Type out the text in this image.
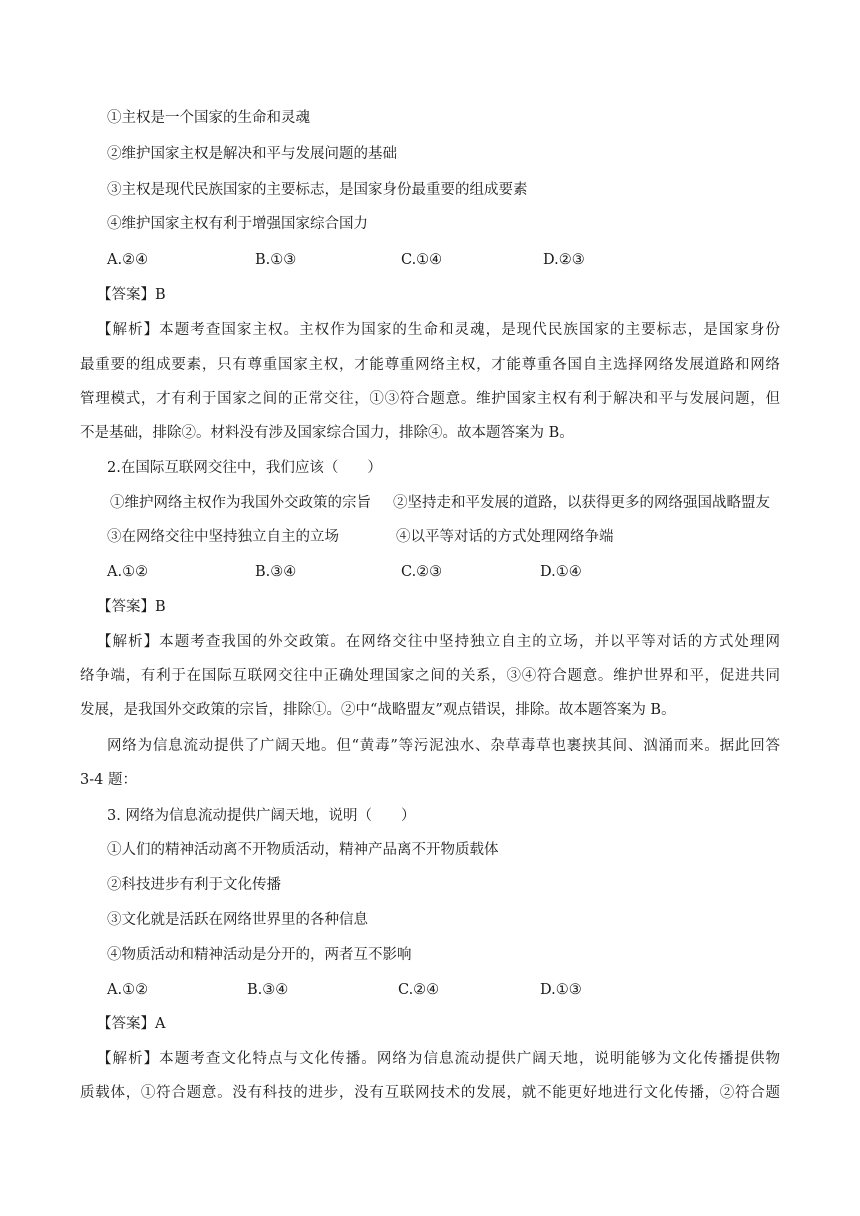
①主权是一个国家的生命和灵魂
②维护国家主权是解决和平与发展问题的基础
③主权是现代民族国家的主要标志，是国家身份最重要的组成要素
④维护国家主权有利于增强国家综合国力
A.②④	B.①③	C.①④	D.②③
【答案】B
【解析】本题考查国家主权。主权作为国家的生命和灵魂，是现代民族国家的主要标志，是国家身份
最重要的组成要素，只有尊重国家主权，才能尊重网络主权，才能尊重各国自主选择网络发展道路和网络
管理模式，才有利于国家之间的正常交往，①③符合题意。维护国家主权有利于解决和平与发展问题，但
不是基础，排除②。材料没有涉及国家综合国力，排除④。故本题答案为 B。
2.在国际互联网交往中，我们应该（　　）
①维护网络主权作为我国外交政策的宗旨 ②坚持走和平发展的道路，以获得更多的网络强国战略盟友
③在网络交往中坚持独立自主的立场	④以平等对话的方式处理网络争端
A.①②	B.③④	C.②③	D.①④
【答案】B
【解析】本题考查我国的外交政策。在网络交往中坚持独立自主的立场，并以平等对话的方式处理网
络争端，有利于在国际互联网交往中正确处理国家之间的关系，③④符合题意。维护世界和平，促进共同
发展，是我国外交政策的宗旨，排除①。②中“战略盟友”观点错误，排除。故本题答案为 B。
网络为信息流动提供了广阔天地。但“黄毒”等污泥浊水、杂草毒草也裹挟其间、汹涌而来。据此回答
3-4 题：
3. 网络为信息流动提供广阔天地，说明（　　）
①人们的精神活动离不开物质活动，精神产品离不开物质载体
②科技进步有利于文化传播
③文化就是活跃在网络世界里的各种信息
④物质活动和精神活动是分开的，两者互不影响
A.①②	B.③④	C.②④	D.①③
【答案】A
【解析】本题考查文化特点与文化传播。网络为信息流动提供广阔天地，说明能够为文化传播提供物
质载体，①符合题意。没有科技的进步，没有互联网技术的发展，就不能更好地进行文化传播，②符合题
